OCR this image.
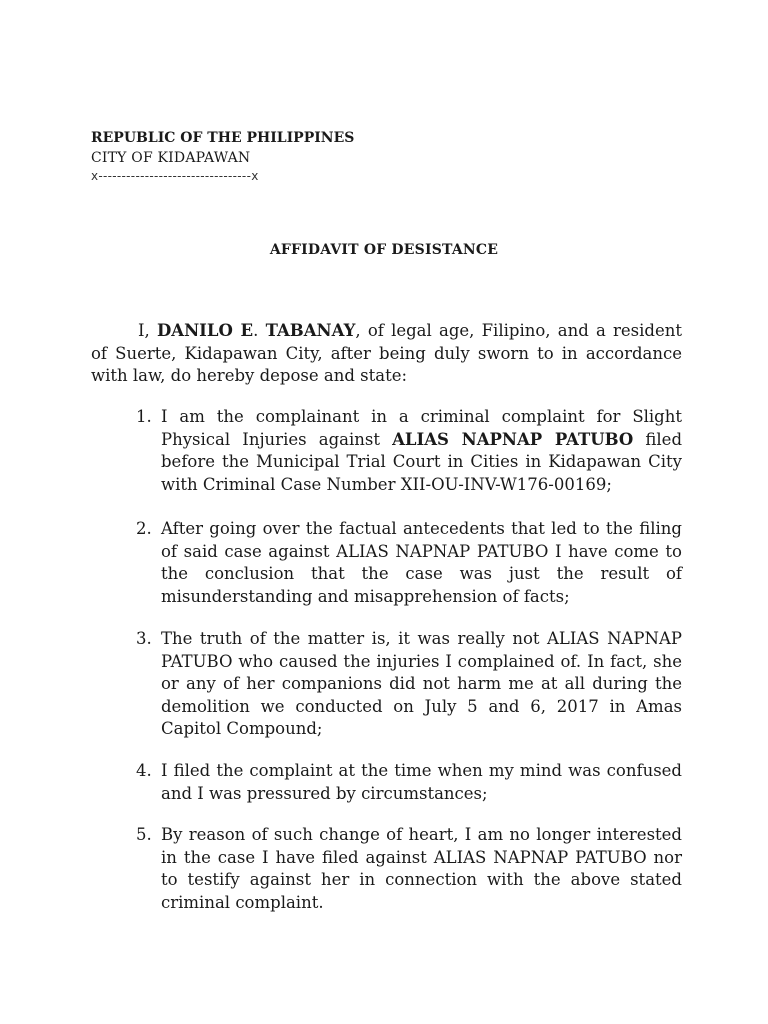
REPUBLIC OF THE PHILIPPINES
CITY OF KIDAPAWAN
x---------------------------------x
AFFIDAVIT OF DESISTANCE
I, DANILO E. TABANAY, of legal age, Filipino, and a resident of Suerte, Kidapawan City, after being duly sworn to in accordance with law, do hereby depose and state:
1. I am the complainant in a criminal complaint for Slight Physical Injuries against ALIAS NAPNAP PATUBO filed before the Municipal Trial Court in Cities in Kidapawan City with Criminal Case Number XII-OU-INV-W176-00169;
2. After going over the factual antecedents that led to the filing of said case against ALIAS NAPNAP PATUBO I have come to the conclusion that the case was just the result of misunderstanding and misapprehension of facts;
3. The truth of the matter is, it was really not ALIAS NAPNAP PATUBO who caused the injuries I complained of. In fact, she or any of her companions did not harm me at all during the demolition we conducted on July 5 and 6, 2017 in Amas Capitol Compound;
4. I filed the complaint at the time when my mind was confused and I was pressured by circumstances;
5. By reason of such change of heart, I am no longer interested in the case I have filed against ALIAS NAPNAP PATUBO nor to testify against her in connection with the above stated criminal complaint.
